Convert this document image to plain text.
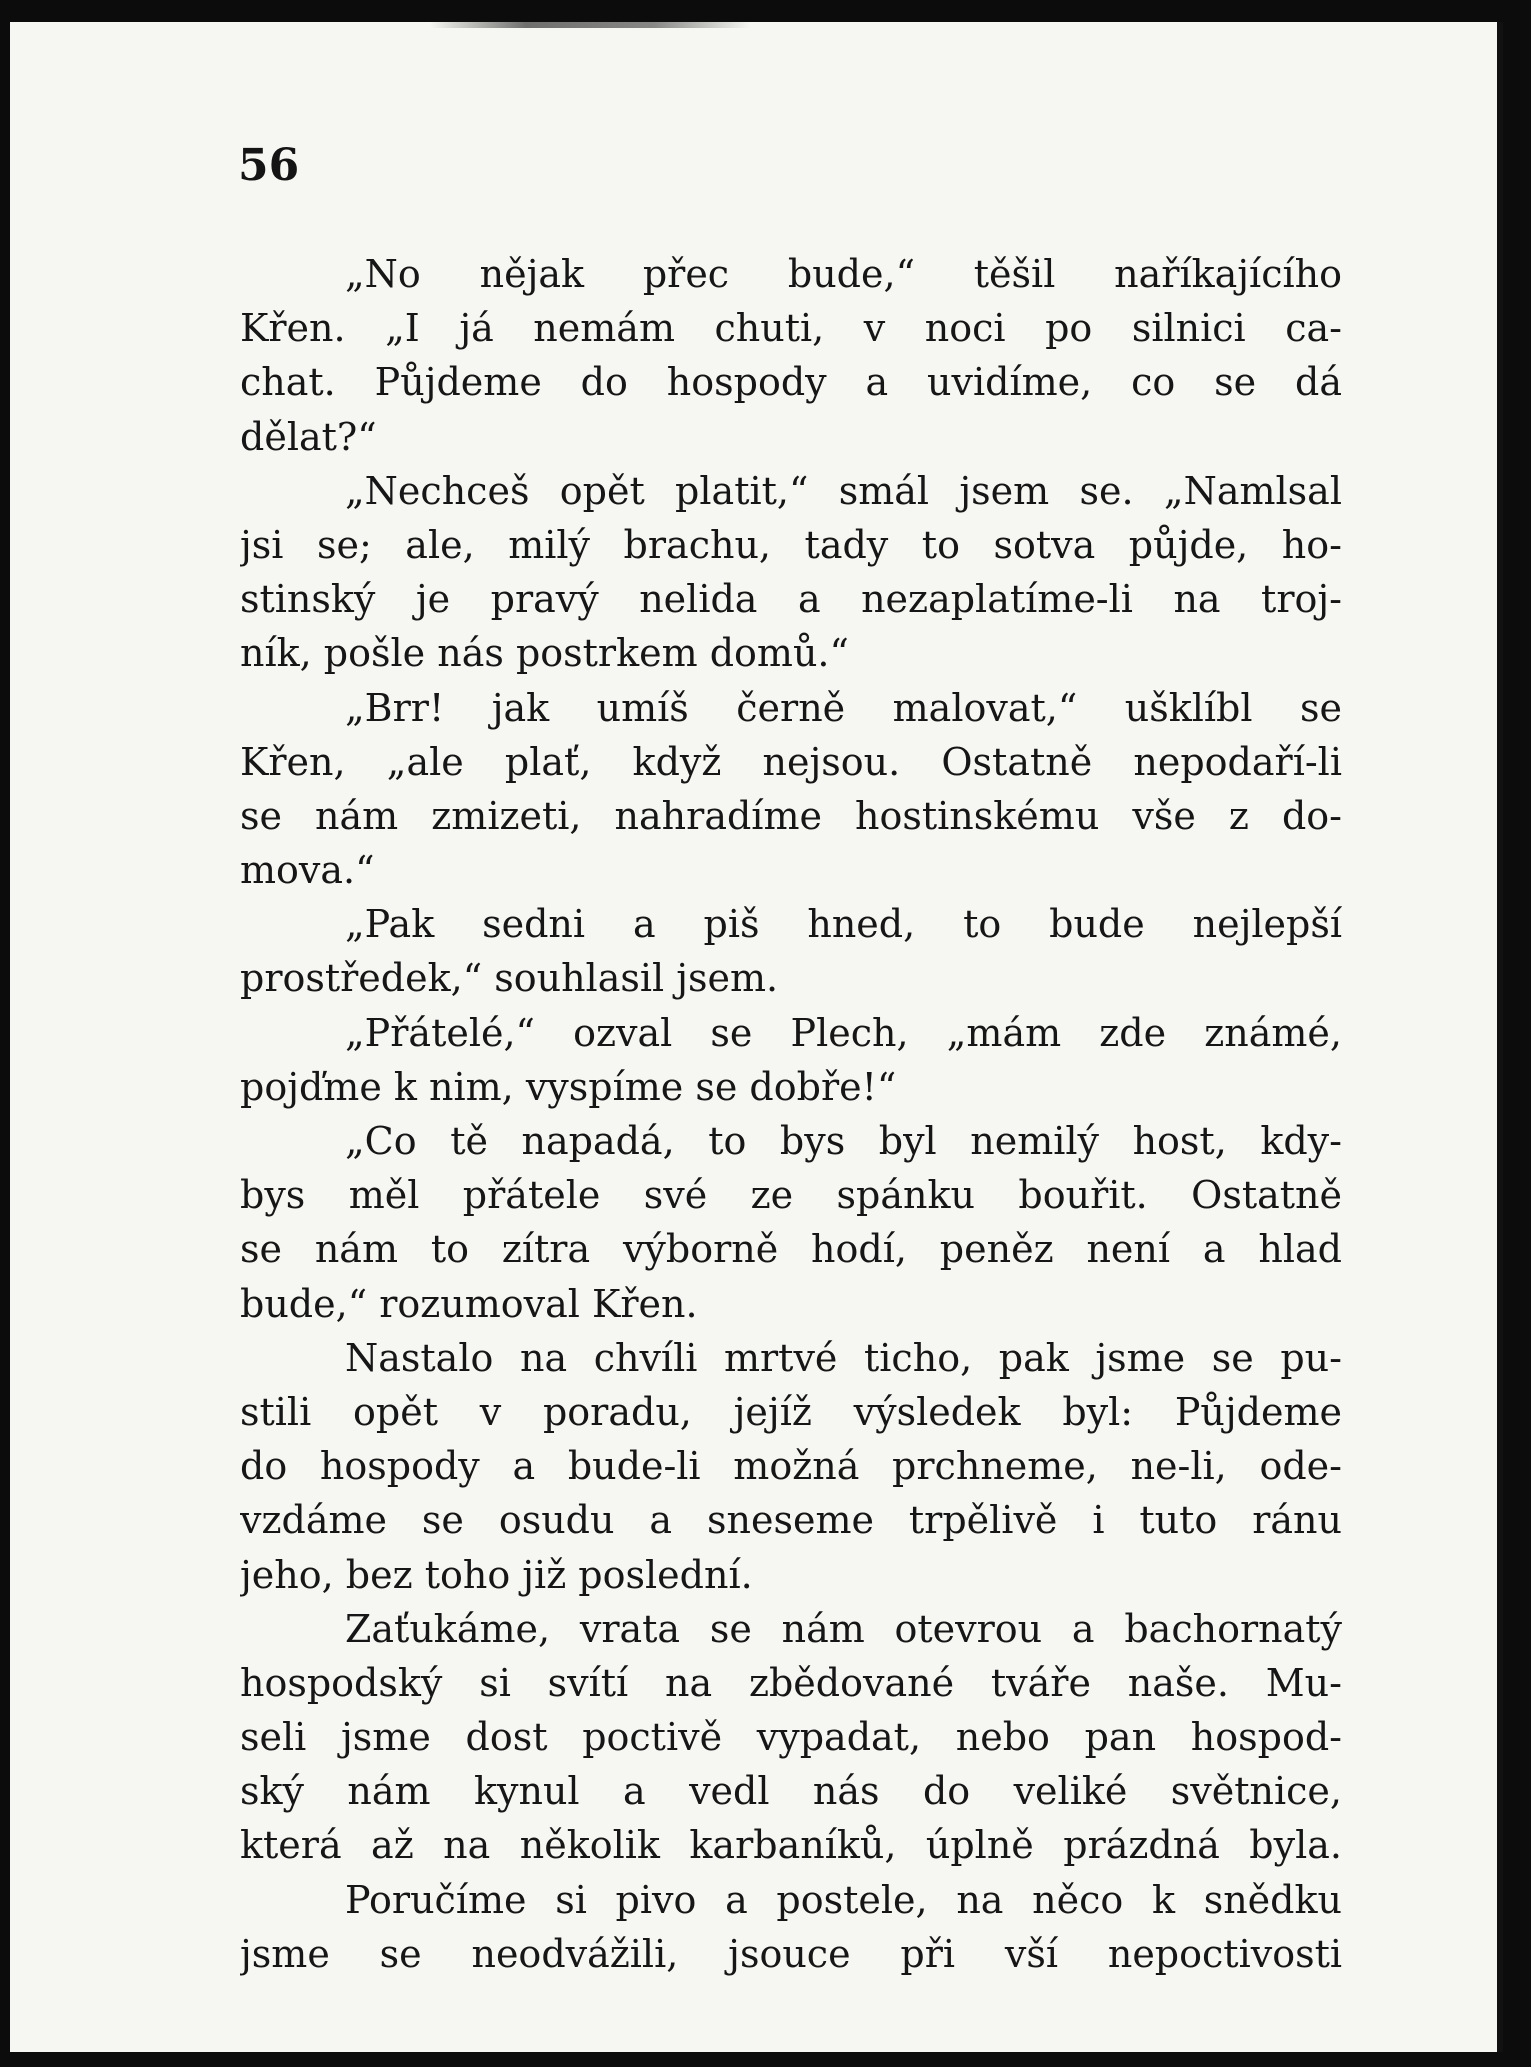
56
„No nějak přec bude,“ těšil naříkajícího
Křen. „I já nemám chuti, v noci po silnici ca-
chat. Půjdeme do hospody a uvidíme, co se dá
dělat?“
„Nechceš opět platit,“ smál jsem se. „Namlsal
jsi se; ale, milý brachu, tady to sotva půjde, ho-
stinský je pravý nelida a nezaplatíme-li na troj-
ník, pošle nás postrkem domů.“
„Brr! jak umíš černě malovat,“ ušklíbl se
Křen, „ale plať, když nejsou. Ostatně nepodaří-li
se nám zmizeti, nahradíme hostinskému vše z do-
mova.“
„Pak sedni a piš hned, to bude nejlepší
prostředek,“ souhlasil jsem.
„Přátelé,“ ozval se Plech, „mám zde známé,
pojďme k nim, vyspíme se dobře!“
„Co tě napadá, to bys byl nemilý host, kdy-
bys měl přátele své ze spánku bouřit. Ostatně
se nám to zítra výborně hodí, peněz není a hlad
bude,“ rozumoval Křen.
Nastalo na chvíli mrtvé ticho, pak jsme se pu-
stili opět v poradu, jejíž výsledek byl: Půjdeme
do hospody a bude-li možná prchneme, ne-li, ode-
vzdáme se osudu a sneseme trpělivě i tuto ránu
jeho, bez toho již poslední.
Zaťukáme, vrata se nám otevrou a bachornatý
hospodský si svítí na zbědované tváře naše. Mu-
seli jsme dost poctivě vypadat, nebo pan hospod-
ský nám kynul a vedl nás do veliké světnice,
která až na několik karbaníků, úplně prázdná byla.
Poručíme si pivo a postele, na něco k snědku
jsme se neodvážili, jsouce při vší nepoctivosti
